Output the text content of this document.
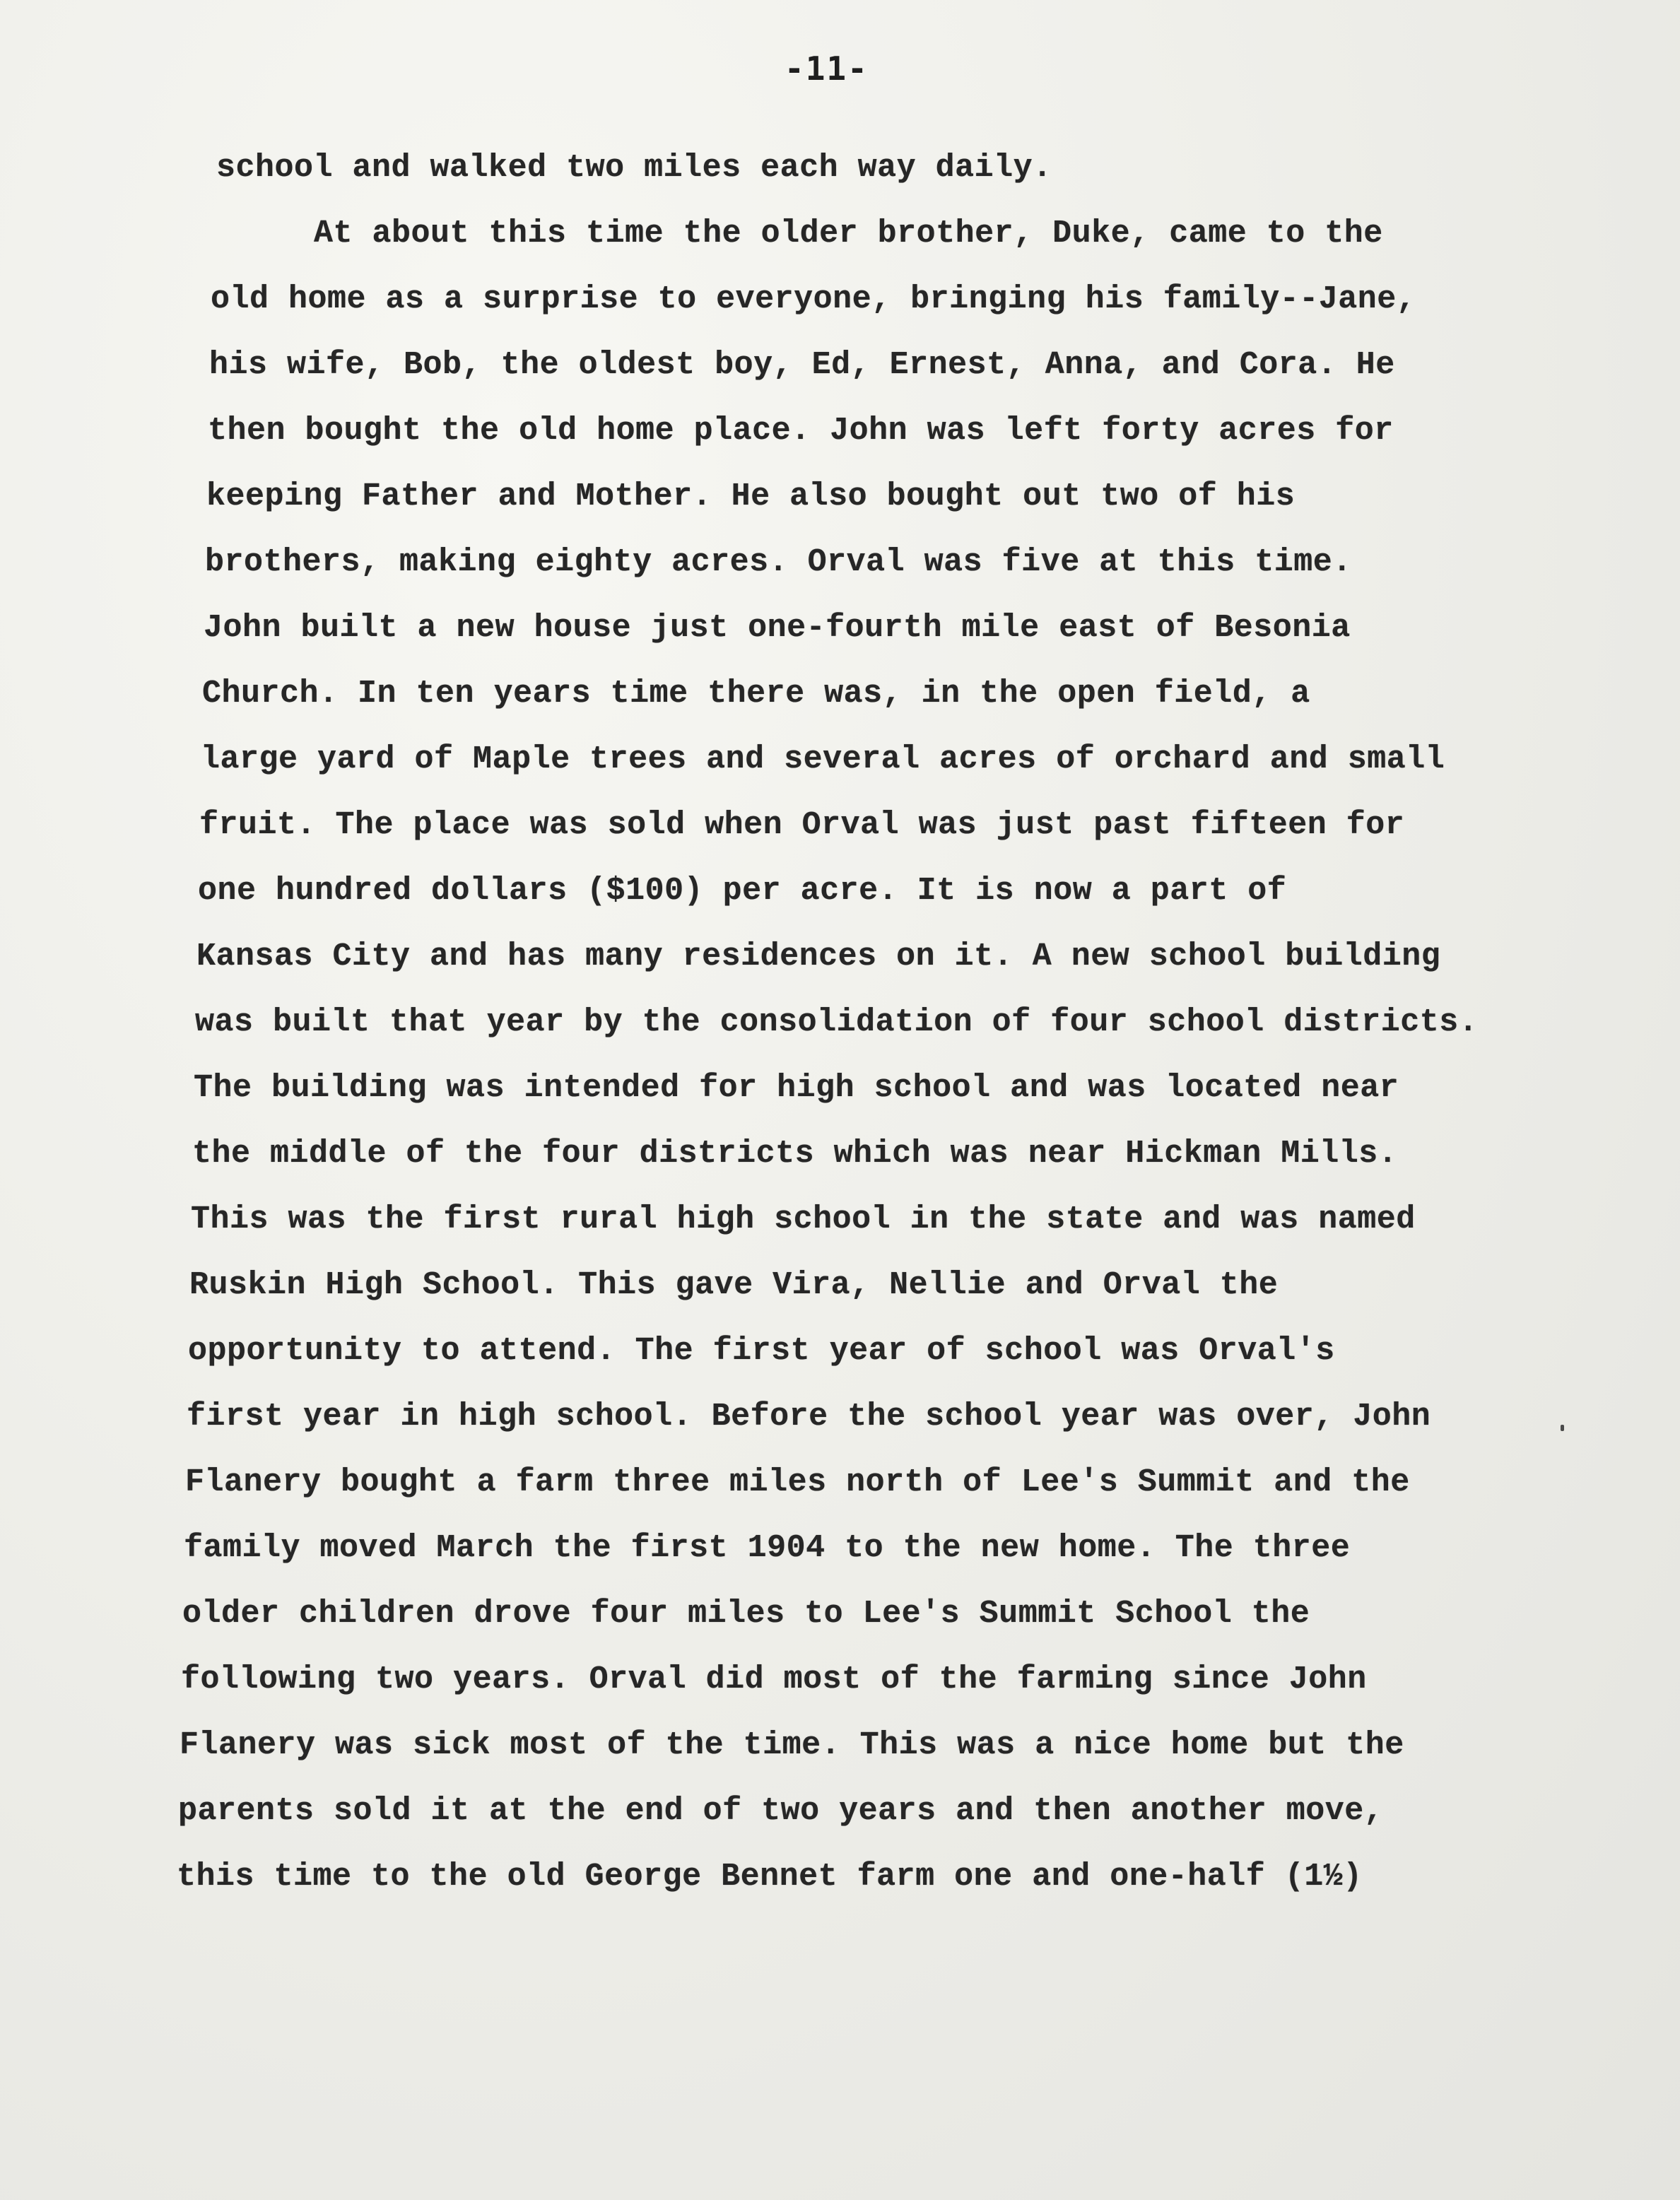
-11-
school and walked two miles each way daily.
At about this time the older brother, Duke, came to the
old home as a surprise to everyone, bringing his family--Jane,
his wife, Bob, the oldest boy, Ed, Ernest, Anna, and Cora. He
then bought the old home place. John was left forty acres for
keeping Father and Mother. He also bought out two of his
brothers, making eighty acres. Orval was five at this time.
John built a new house just one-fourth mile east of Besonia
Church. In ten years time there was, in the open field, a
large yard of Maple trees and several acres of orchard and small
fruit. The place was sold when Orval was just past fifteen for
one hundred dollars ($100) per acre. It is now a part of
Kansas City and has many residences on it. A new school building
was built that year by the consolidation of four school districts.
The building was intended for high school and was located near
the middle of the four districts which was near Hickman Mills.
This was the first rural high school in the state and was named
Ruskin High School. This gave Vira, Nellie and Orval the
opportunity to attend. The first year of school was Orval's
first year in high school. Before the school year was over, John
Flanery bought a farm three miles north of Lee's Summit and the
family moved March the first 1904 to the new home. The three
older children drove four miles to Lee's Summit School the
following two years. Orval did most of the farming since John
Flanery was sick most of the time. This was a nice home but the
parents sold it at the end of two years and then another move,
this time to the old George Bennet farm one and one-half (1½)
